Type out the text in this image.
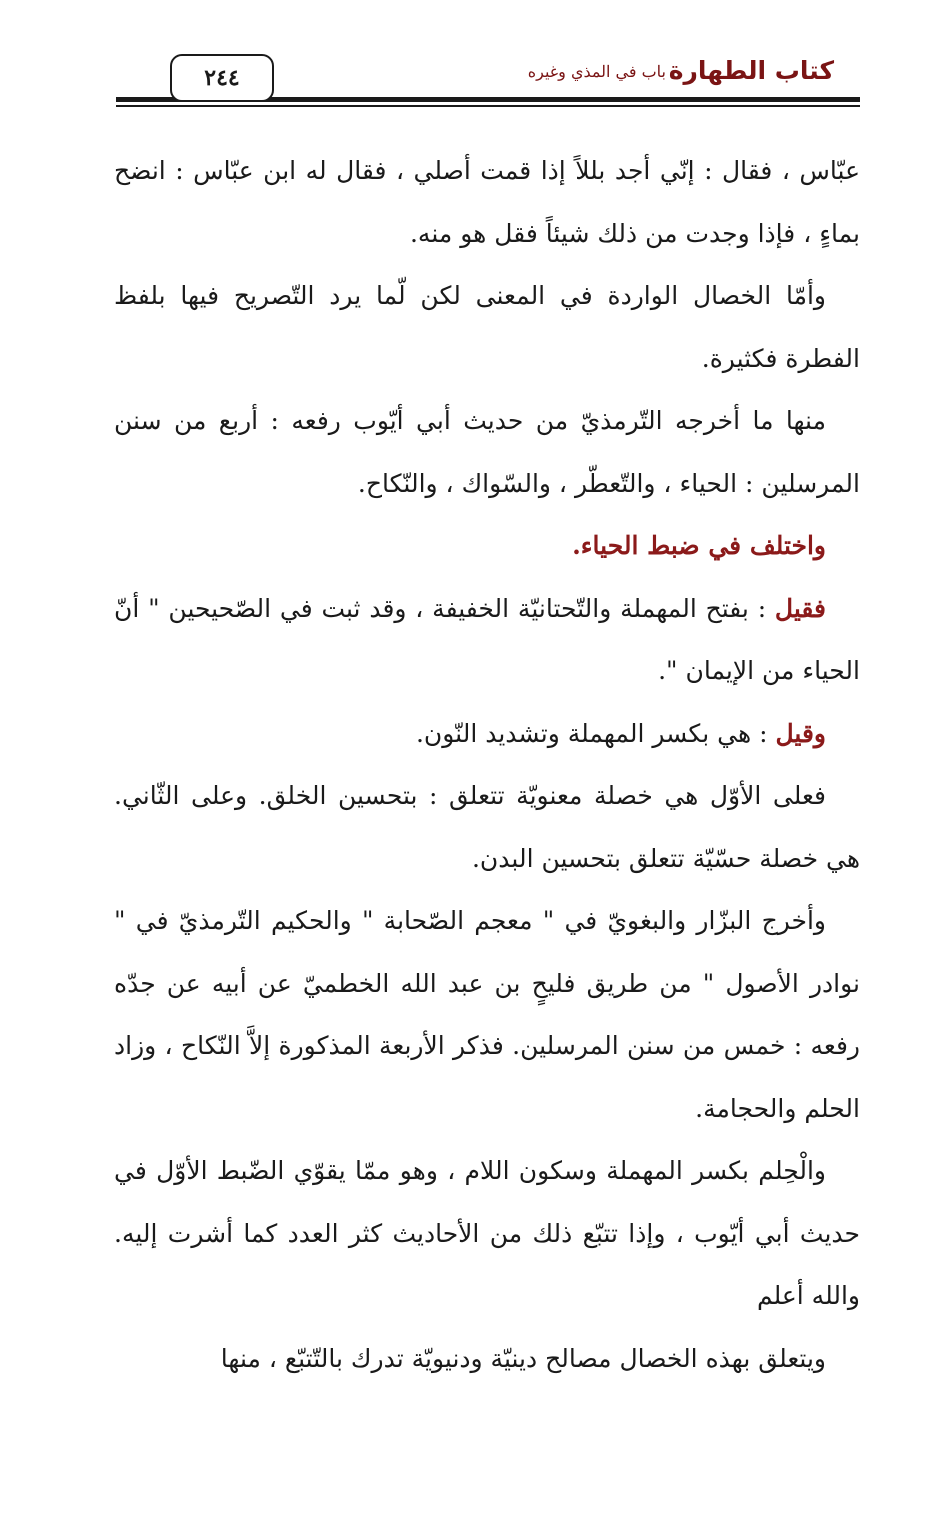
كتاب الطهارة
باب في المذي وغيره
٢٤٤

عبّاس ، فقال : إنّي أجد بللاً إذا قمت أصلي ، فقال له ابن عبّاس : انضح بماءٍ ، فإذا وجدت من ذلك شيئاً فقل هو منه.

وأمّا الخصال الواردة في المعنى لكن لّما يرد التّصريح فيها بلفظ الفطرة فكثيرة.

منها ما أخرجه التّرمذيّ من حديث أبي أيّوب رفعه : أربع من سنن المرسلين : الحياء ، والتّعطّر ، والسّواك ، والنّكاح.

واختلف في ضبط الحياء.

فقيل : بفتح المهملة والتّحتانيّة الخفيفة ، وقد ثبت في الصّحيحين " أنّ الحياء من الإيمان ".

وقيل : هي بكسر المهملة وتشديد النّون.

فعلى الأوّل هي خصلة معنويّة تتعلق : بتحسين الخلق. وعلى الثّاني. هي خصلة حسّيّة تتعلق بتحسين البدن.

وأخرج البزّار والبغويّ في " معجم الصّحابة " والحكيم التّرمذيّ في " نوادر الأصول " من طريق فليحٍ بن عبد الله الخطميّ عن أبيه عن جدّه رفعه : خمس من سنن المرسلين. فذكر الأربعة المذكورة إلاَّ النّكاح ، وزاد الحلم والحجامة.

والْحِلم بكسر المهملة وسكون اللام ، وهو ممّا يقوّي الضّبط الأوّل في حديث أبي أيّوب ، وإذا تتبّع ذلك من الأحاديث كثر العدد كما أشرت إليه. والله أعلم

ويتعلق بهذه الخصال مصالح دينيّة ودنيويّة تدرك بالتّتبّع ، منها
